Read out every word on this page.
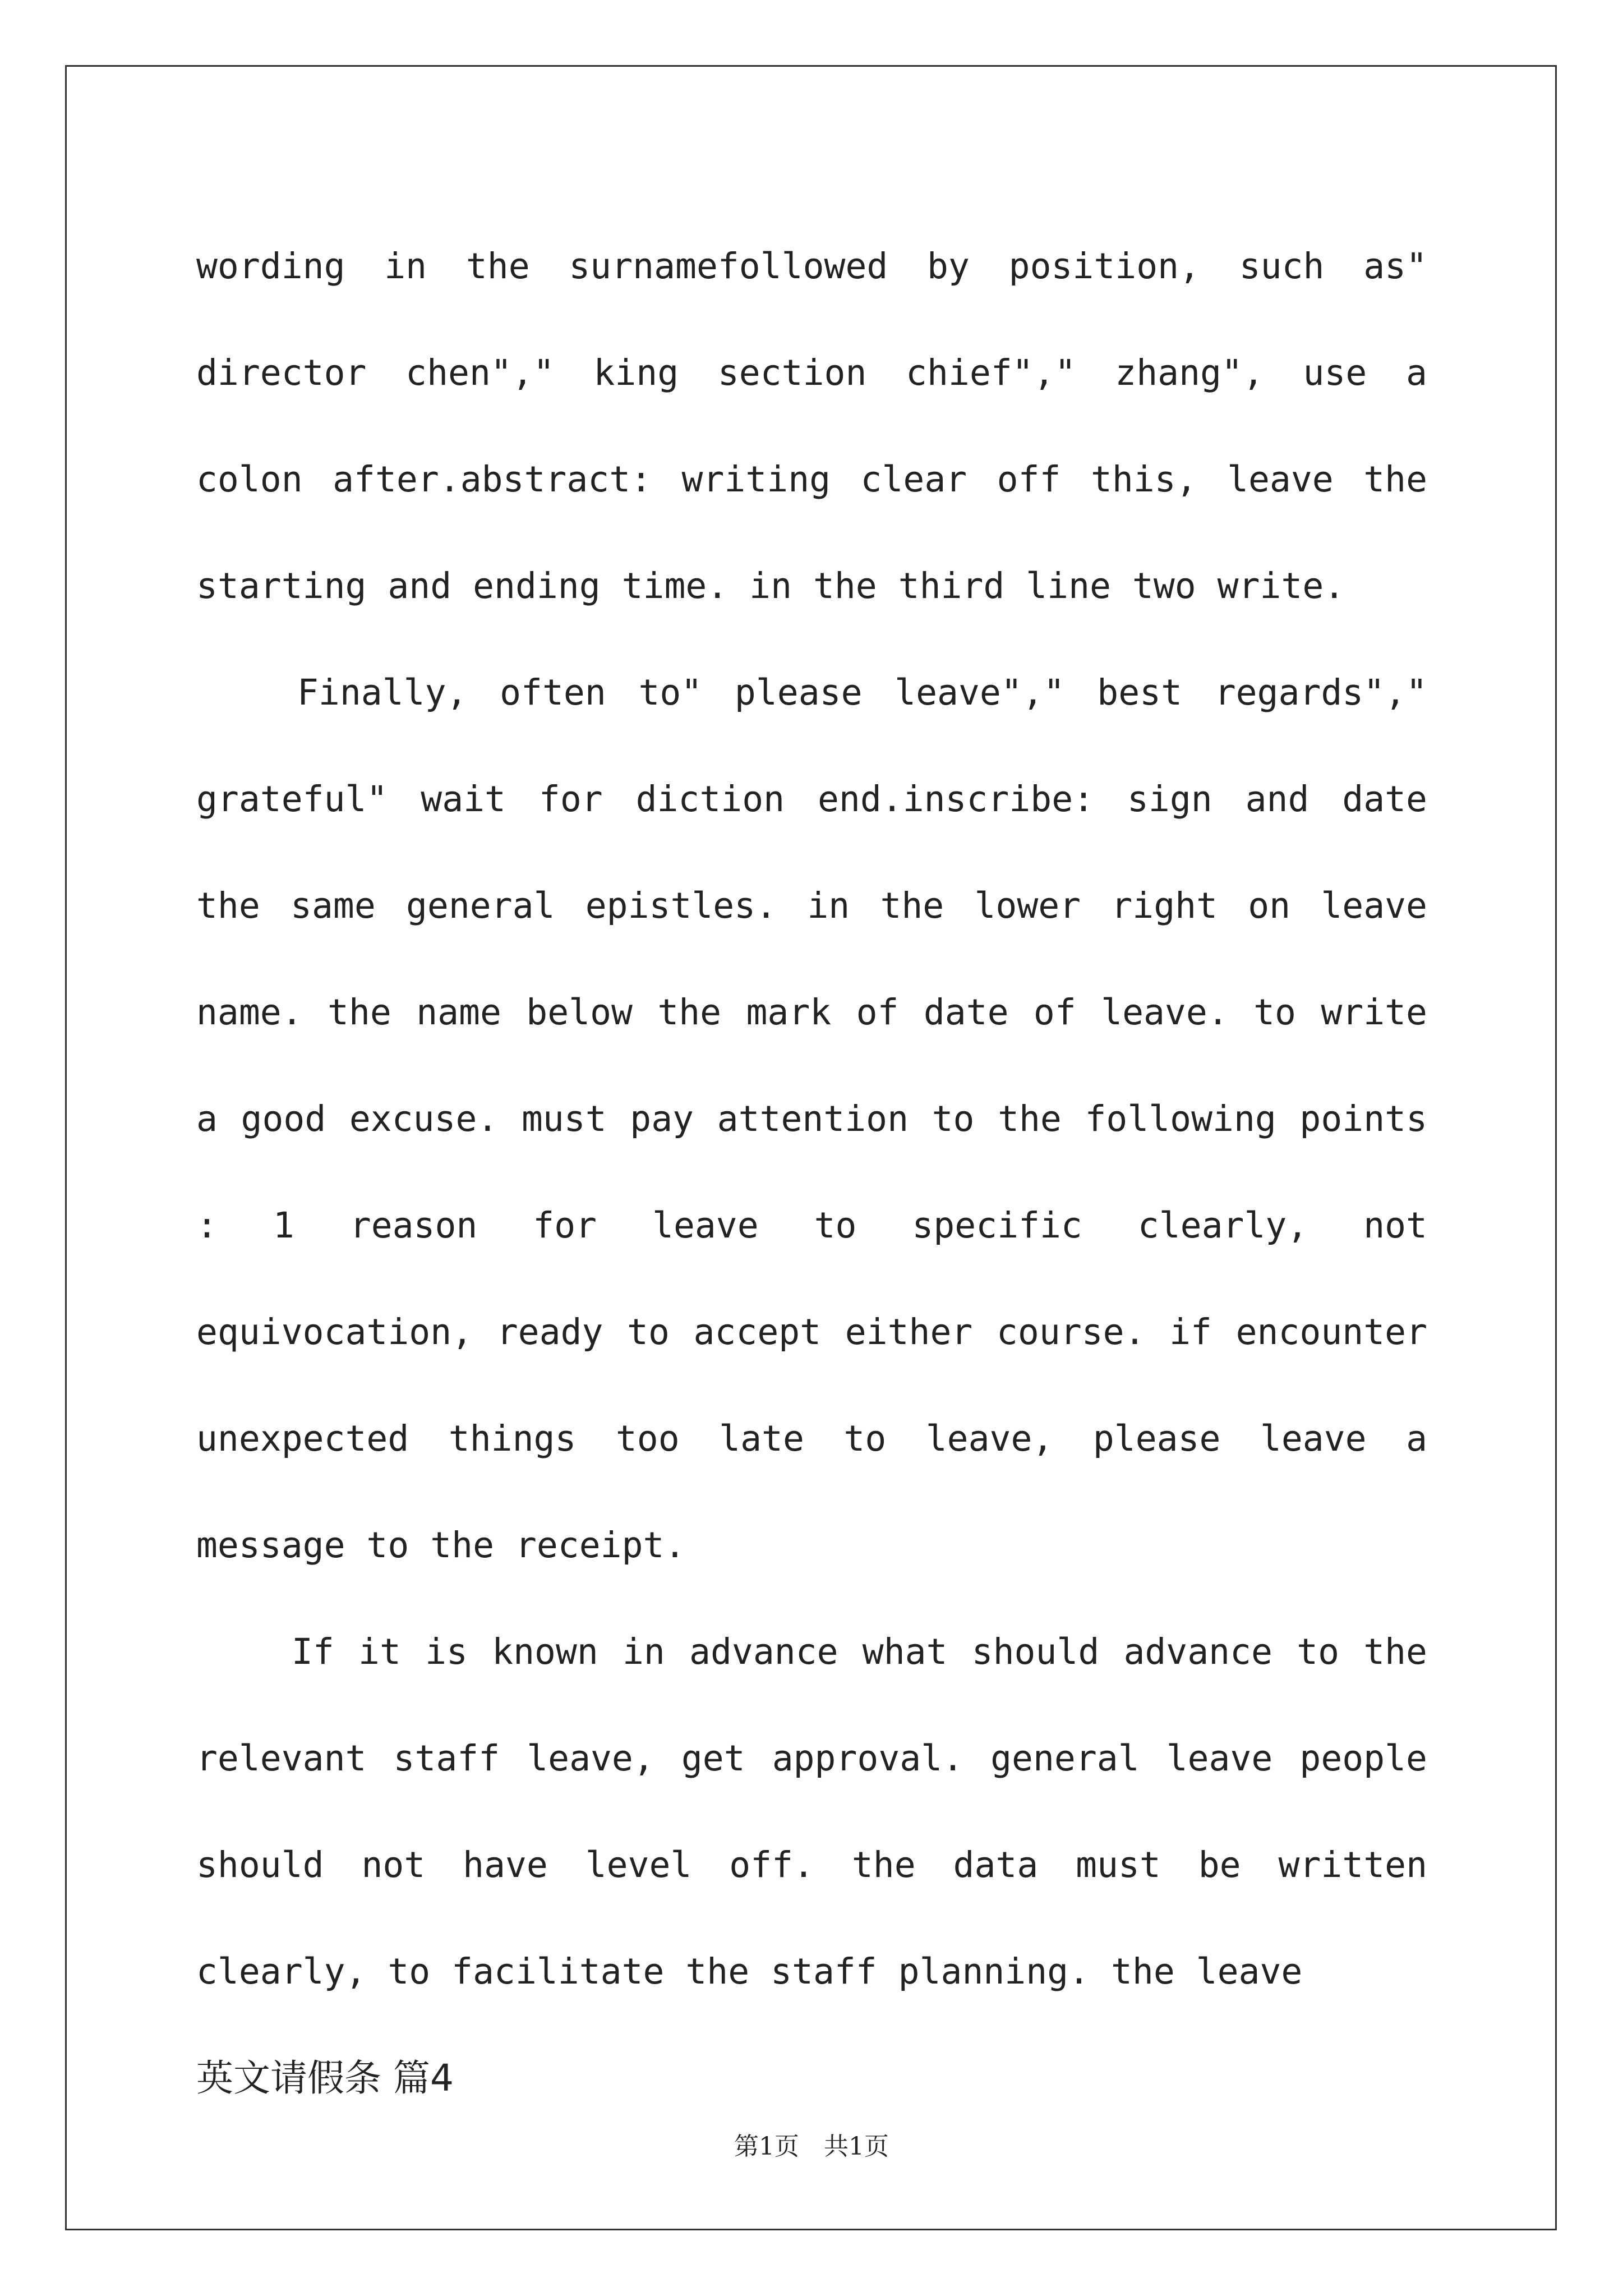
wording in the surnamefollowed by position, such as" director chen"," king section chief"," zhang", use a colon after.abstract: writing clear off this, leave the starting and ending time. in the third line two write.

Finally, often to" please leave"," best regards"," grateful" wait for diction end.inscribe: sign and date the same general epistles. in the lower right on leave name. the name below the mark of date of leave. to write a good excuse. must pay attention to the following points : 1 reason for leave to specific clearly, not equivocation, ready to accept either course. if encounter unexpected things too late to leave, please leave a message to the receipt.

If it is known in advance what should advance to the relevant staff leave, get approval. general leave people should not have level off. the data must be written clearly, to facilitate the staff planning. the leave

英文请假条 篇4

第1页　共1页
